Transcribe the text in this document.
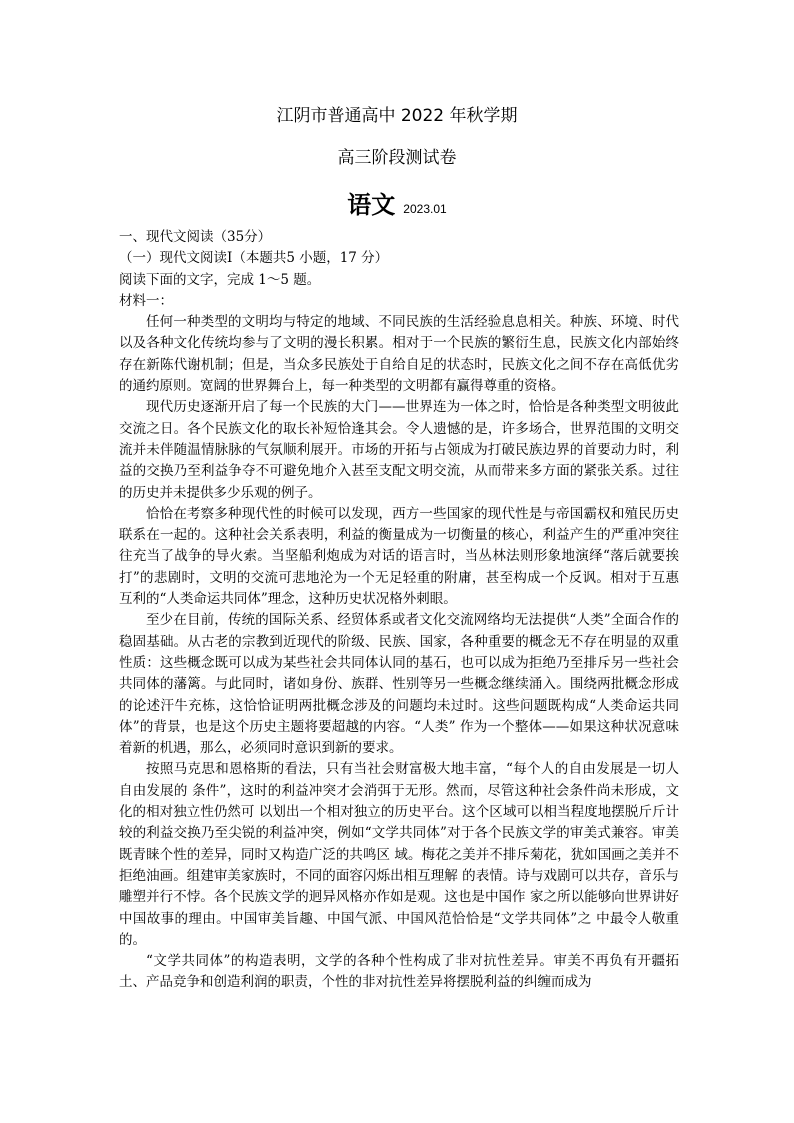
江阴市普通高中 2022 年秋学期
高三阶段测试卷
语文 2023.01

一、现代文阅读（35分）

（一）现代文阅读Ⅰ（本题共5 小题，17 分）

阅读下面的文字，完成 1～5 题。

材料一：

任何一种类型的文明均与特定的地域、不同民族的生活经验息息相关。种族、环境、时代以及各种文化传统均参与了文明的漫长积累。相对于一个民族的繁衍生息，民族文化内部始终存在新陈代谢机制；但是，当众多民族处于自给自足的状态时，民族文化之间不存在高低优劣的通约原则。宽阔的世界舞台上，每一种类型的文明都有赢得尊重的资格。

现代历史逐渐开启了每一个民族的大门——世界连为一体之时，恰恰是各种类型文明彼此交流之日。各个民族文化的取长补短恰逢其会。令人遗憾的是，许多场合，世界范围的文明交流并未伴随温情脉脉的气氛顺利展开。市场的开拓与占领成为打破民族边界的首要动力时，利益的交换乃至利益争夺不可避免地介入甚至支配文明交流，从而带来多方面的紧张关系。过往的历史并未提供多少乐观的例子。

恰恰在考察多种现代性的时候可以发现，西方一些国家的现代性是与帝国霸权和殖民历史联系在一起的。这种社会关系表明，利益的衡量成为一切衡量的核心，利益产生的严重冲突往往充当了战争的导火索。当坚船利炮成为对话的语言时，当丛林法则形象地演绎“落后就要挨打”的悲剧时，文明的交流可悲地沦为一个无足轻重的附庸，甚至构成一个反讽。相对于互惠互利的“人类命运共同体”理念，这种历史状况格外刺眼。

至少在目前，传统的国际关系、经贸体系或者文化交流网络均无法提供“人类”全面合作的稳固基础。从古老的宗教到近现代的阶级、民族、国家，各种重要的概念无不存在明显的双重性质：这些概念既可以成为某些社会共同体认同的基石，也可以成为拒绝乃至排斥另一些社会共同体的藩篱。与此同时，诸如身份、族群、性别等另一些概念继续涌入。围绕两批概念形成的论述汗牛充栋，这恰恰证明两批概念涉及的问题均未过时。这些问题既构成“人类命运共同体”的背景，也是这个历史主题将要超越的内容。“人类” 作为一个整体——如果这种状况意味着新的机遇，那么，必须同时意识到新的要求。

按照马克思和恩格斯的看法，只有当社会财富极大地丰富，“每个人的自由发展是一切人自由发展的 条件”，这时的利益冲突才会消弭于无形。然而，尽管这种社会条件尚未形成，文化的相对独立性仍然可 以划出一个相对独立的历史平台。这个区域可以相当程度地摆脱斤斤计较的利益交换乃至尖锐的利益冲突，例如“文学共同体”对于各个民族文学的审美式兼容。审美既青睐个性的差异，同时又构造广泛的共鸣区 域。梅花之美并不排斥菊花，犹如国画之美并不拒绝油画。组建审美家族时，不同的面容闪烁出相互理解 的表情。诗与戏剧可以共存，音乐与雕塑并行不悖。各个民族文学的迥异风格亦作如是观。这也是中国作 家之所以能够向世界讲好中国故事的理由。中国审美旨趣、中国气派、中国风范恰恰是“文学共同体”之 中最令人敬重的。

“文学共同体”的构造表明，文学的各种个性构成了非对抗性差异。审美不再负有开疆拓土、产品竞争和创造利润的职责，个性的非对抗性差异将摆脱利益的纠缠而成为
